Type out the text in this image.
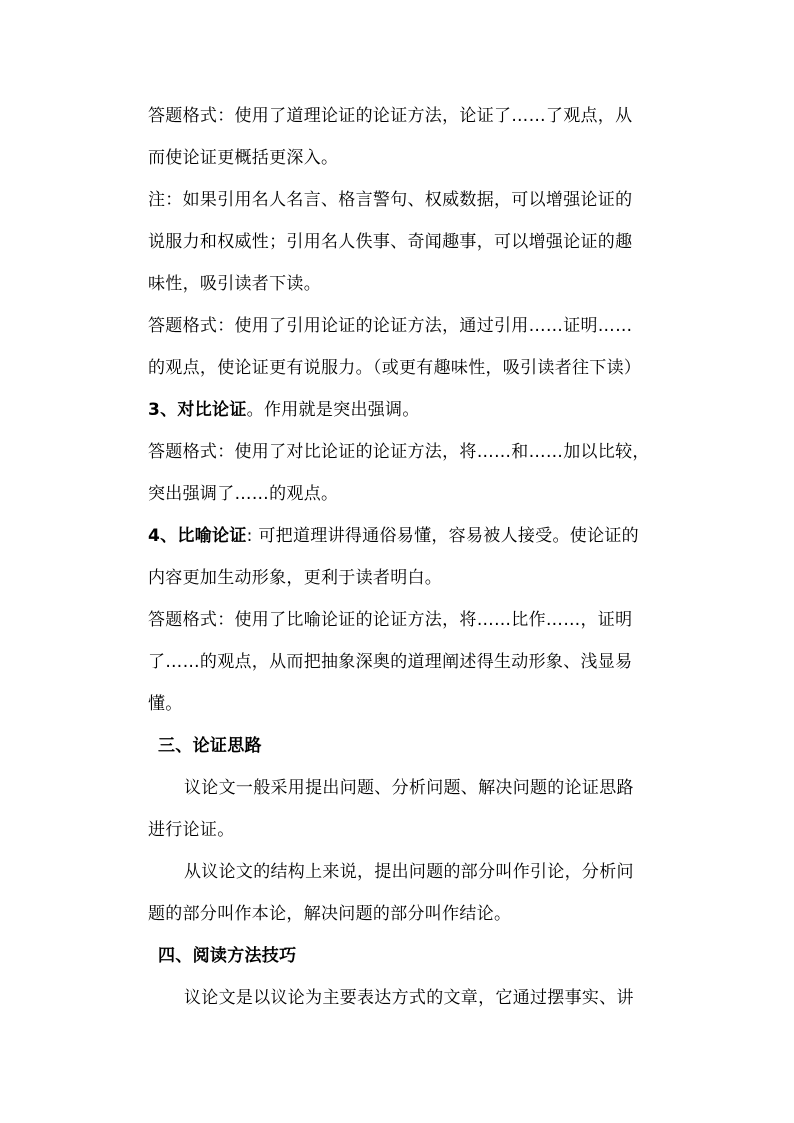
答题格式：使用了道理论证的论证方法，论证了……了观点，从
而使论证更概括更深入。
注：如果引用名人名言、格言警句、权威数据，可以增强论证的
说服力和权威性；引用名人佚事、奇闻趣事，可以增强论证的趣
味性，吸引读者下读。
答题格式：使用了引用论证的论证方法，通过引用……证明……
的观点，使论证更有说服力。（或更有趣味性，吸引读者往下读）
3、对比论证。作用就是突出强调。
答题格式：使用了对比论证的论证方法，将……和……加以比较，
突出强调了……的观点。
4、比喻论证: 可把道理讲得通俗易懂，容易被人接受。使论证的
内容更加生动形象，更利于读者明白。
答题格式：使用了比喻论证的论证方法，将……比作……，证明
了……的观点，从而把抽象深奥的道理阐述得生动形象、浅显易
懂。
三、论证思路
议论文一般采用提出问题、分析问题、解决问题的论证思路
进行论证。
从议论文的结构上来说，提出问题的部分叫作引论，分析问
题的部分叫作本论，解决问题的部分叫作结论。
四、阅读方法技巧
议论文是以议论为主要表达方式的文章，它通过摆事实、讲
